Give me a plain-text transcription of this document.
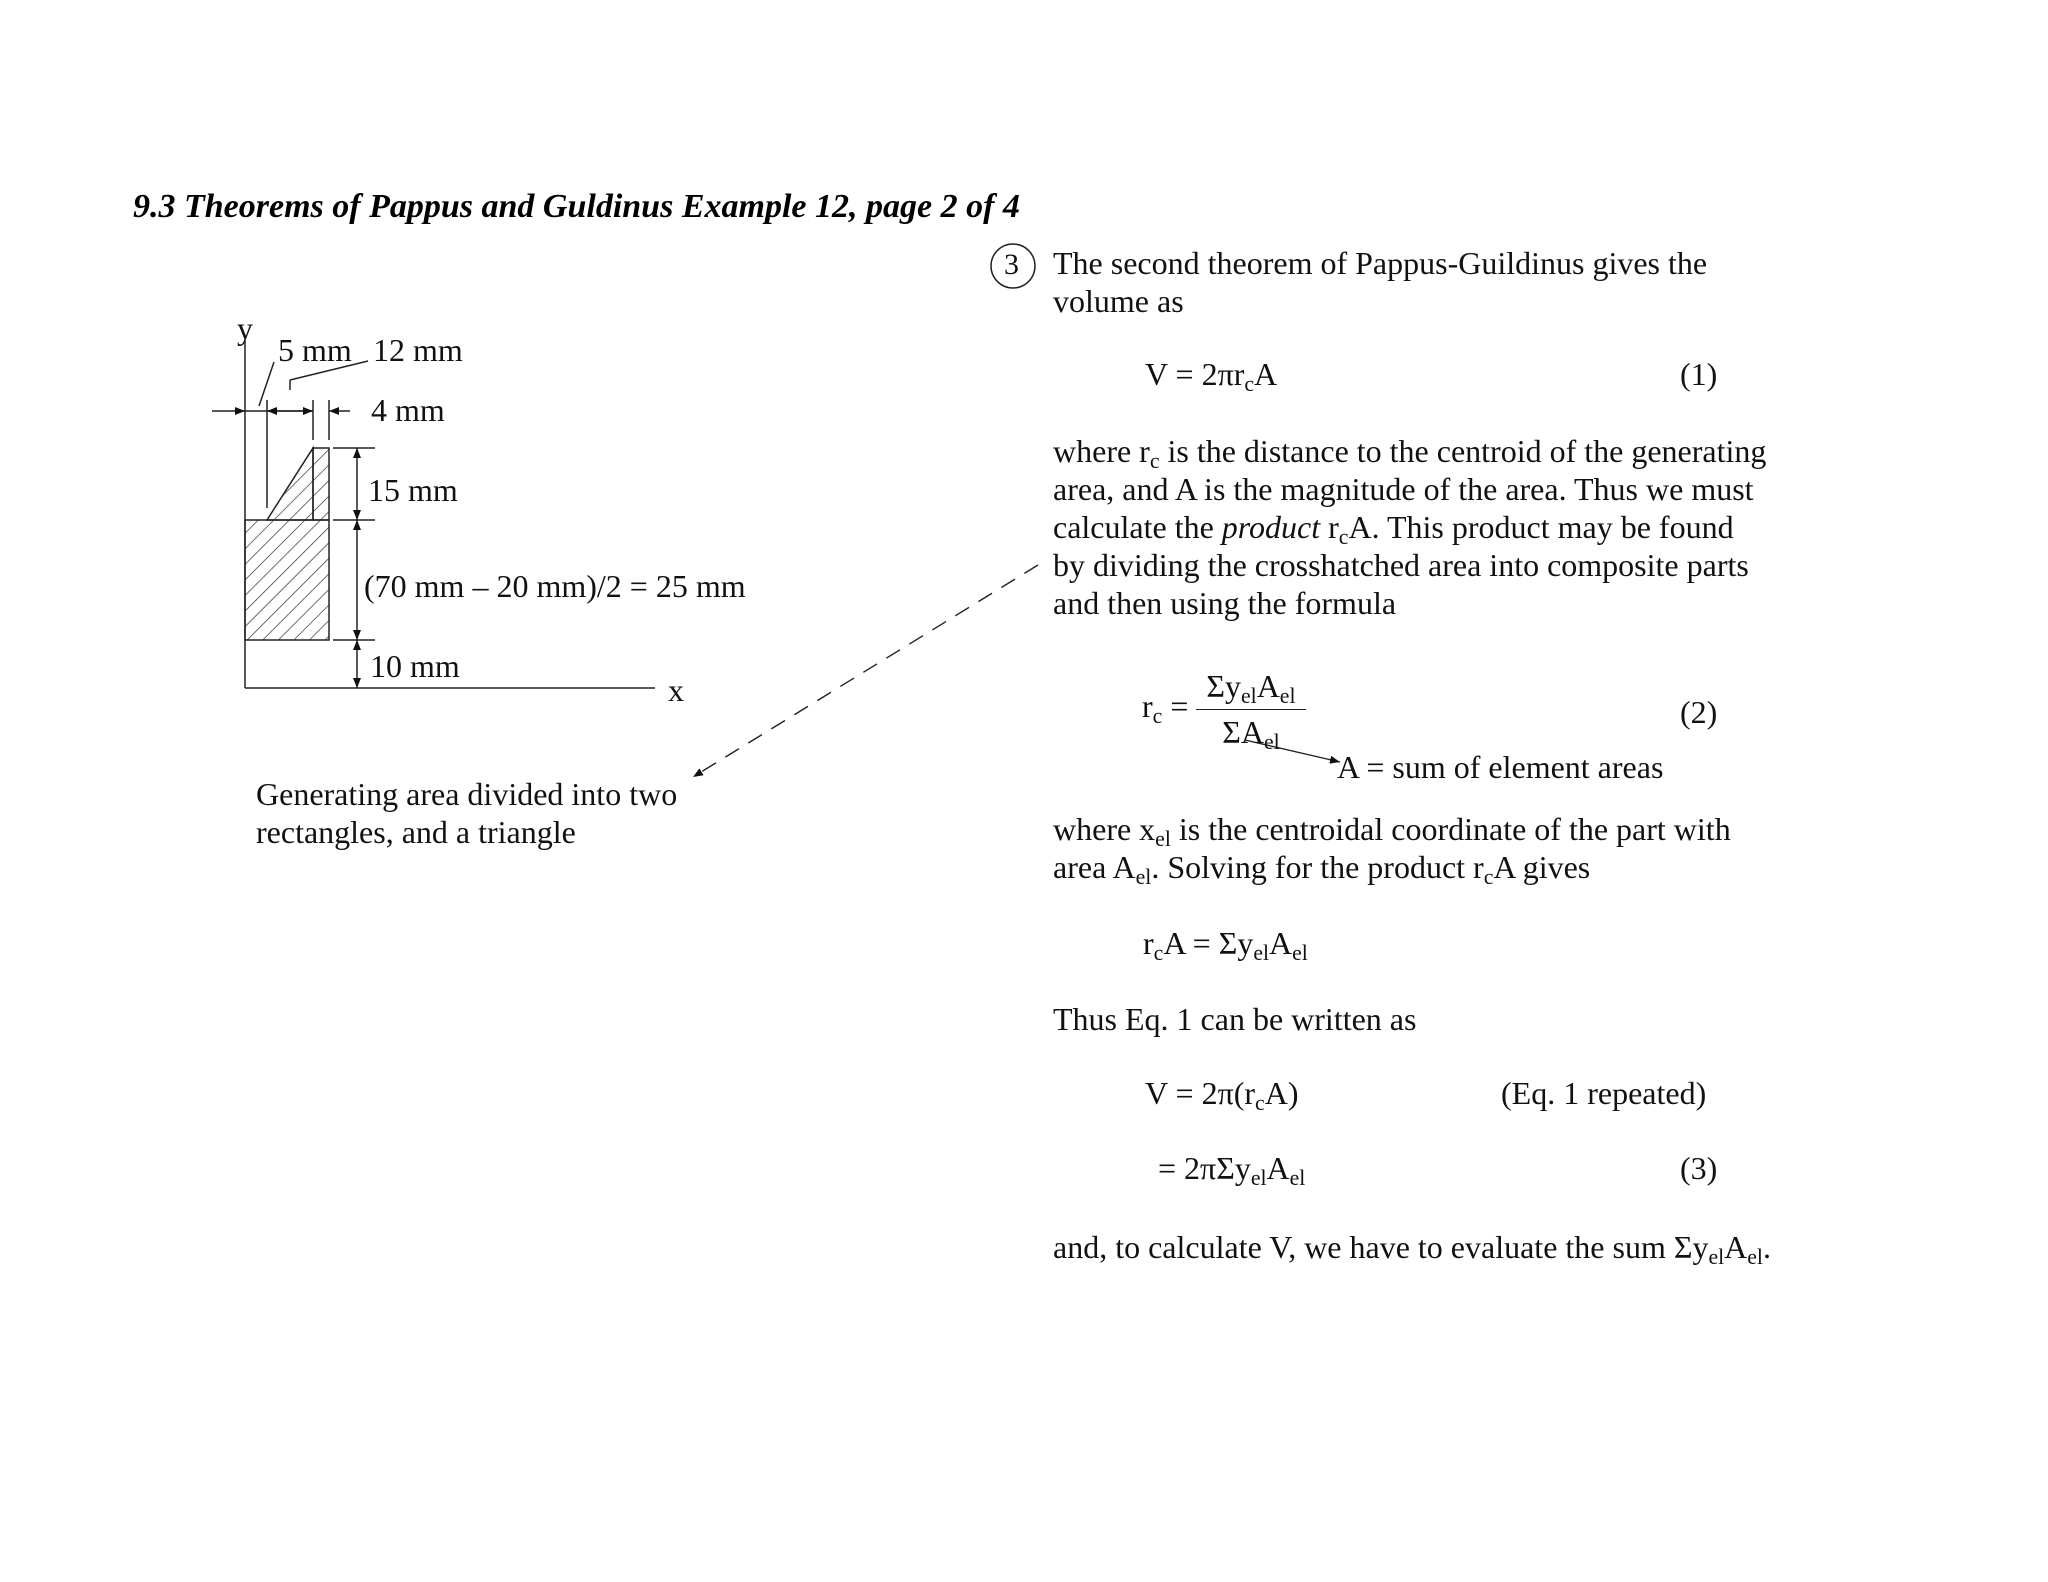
9.3 Theorems of Pappus and Guldinus Example 12, page 2 of 4
y
5 mm 12 mm
4 mm
15 mm
(70 mm – 20 mm)/2 = 25 mm
10 mm
x
Generating area divided into two
rectangles, and a triangle
3 The second theorem of Pappus-Guildinus gives the
volume as
$V = 2\pi r_cA$	(1)
where $r_c$ is the distance to the centroid of the generating
area, and A is the magnitude of the area. Thus we must
calculate the product $r_cA$. This product may be found
by dividing the crosshatched area into composite parts
and then using the formula
$r_c = \frac{\Sigma y_{el}A_{el}}{\Sigma A_{el}}$	(2)
A = sum of element areas
where $x_{el}$ is the centroidal coordinate of the part with
area $A_{el}$. Solving for the product $r_cA$ gives
$r_cA = \Sigma y_{el}A_{el}$
Thus Eq. 1 can be written as
$V = 2\pi(r_cA)$	(Eq. 1 repeated)
= $2\pi\Sigma y_{el}A_{el}$	(3)
and, to calculate V, we have to evaluate the sum $\Sigma y_{el}A_{el}$.
